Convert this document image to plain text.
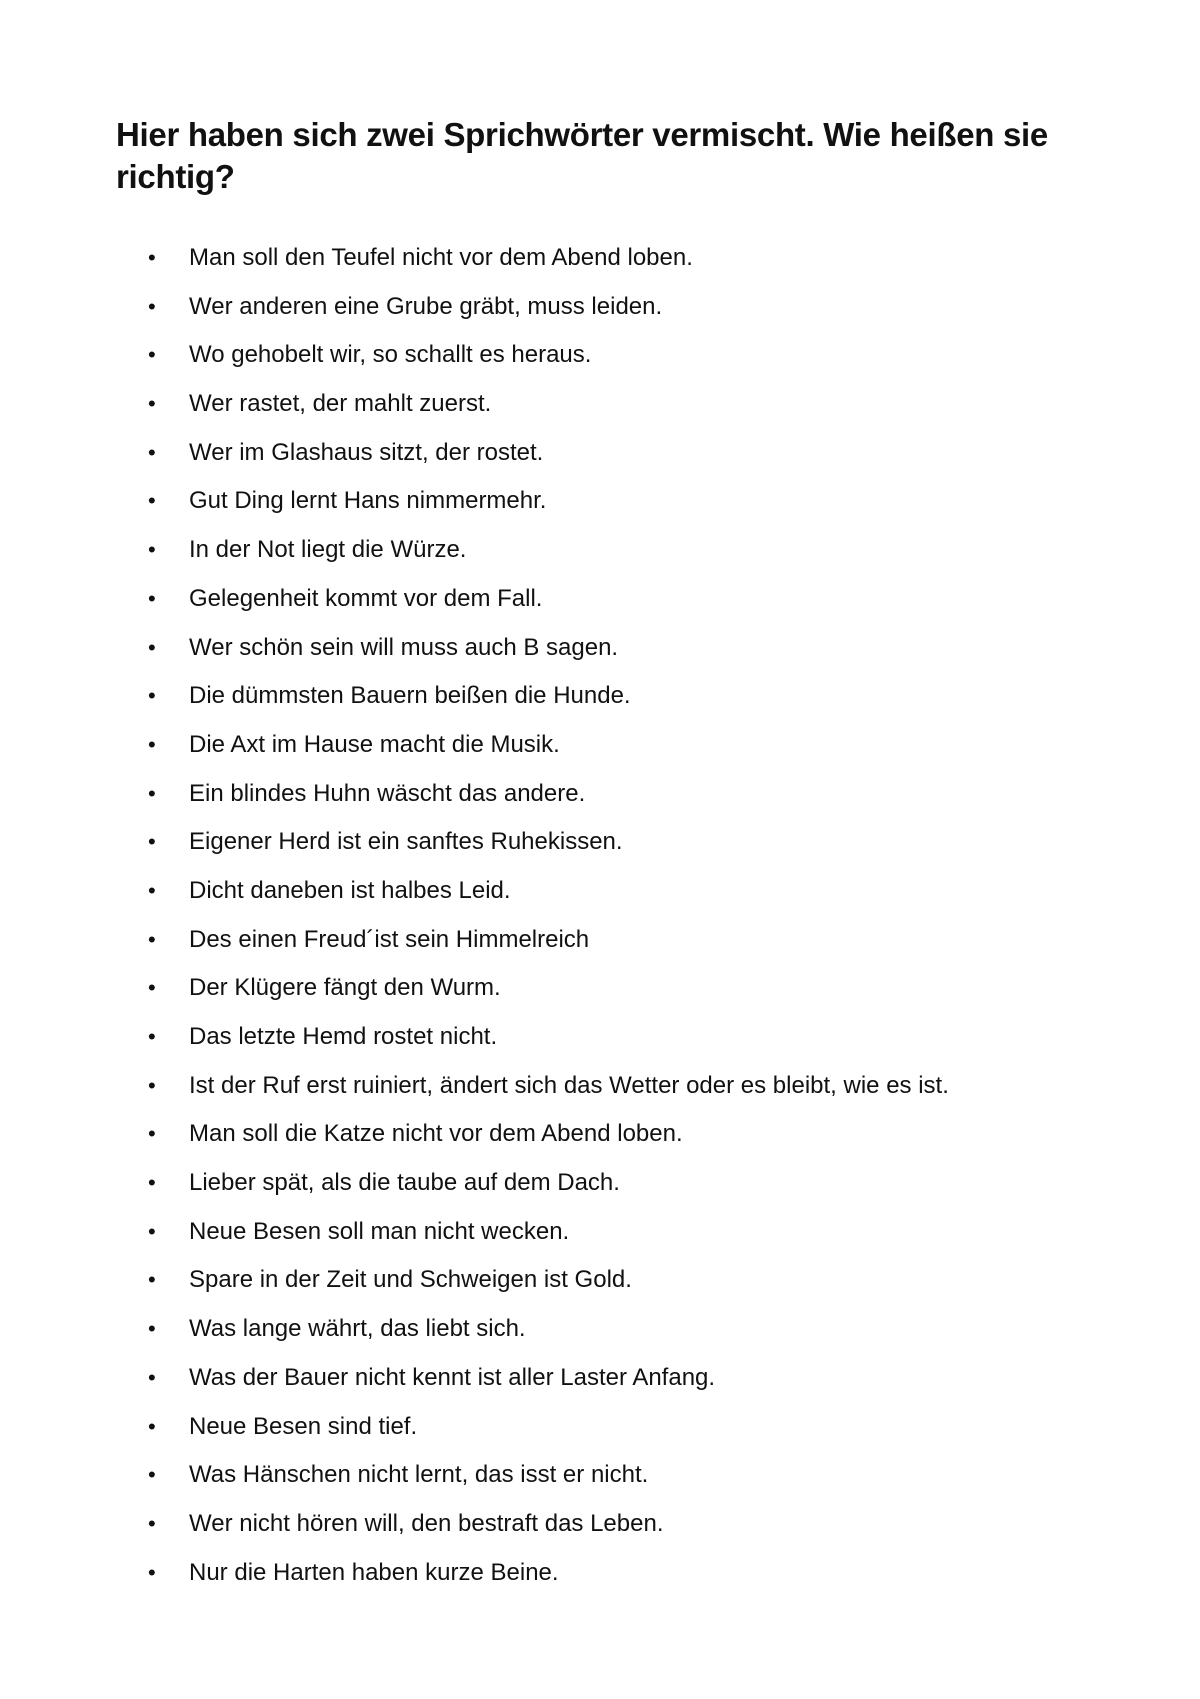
Hier haben sich zwei Sprichwörter vermischt. Wie heißen sie richtig?
• Man soll den Teufel nicht vor dem Abend loben.
• Wer anderen eine Grube gräbt, muss leiden.
• Wo gehobelt wir, so schallt es heraus.
• Wer rastet, der mahlt zuerst.
• Wer im Glashaus sitzt, der rostet.
• Gut Ding lernt Hans nimmermehr.
• In der Not liegt die Würze.
• Gelegenheit kommt vor dem Fall.
• Wer schön sein will muss auch B sagen.
• Die dümmsten Bauern beißen die Hunde.
• Die Axt im Hause macht die Musik.
• Ein blindes Huhn wäscht das andere.
• Eigener Herd ist ein sanftes Ruhekissen.
• Dicht daneben ist halbes Leid.
• Des einen Freud´ist sein Himmelreich
• Der Klügere fängt den Wurm.
• Das letzte Hemd rostet nicht.
• Ist der Ruf erst ruiniert, ändert sich das Wetter oder es bleibt, wie es ist.
• Man soll die Katze nicht vor dem Abend loben.
• Lieber spät, als die taube auf dem Dach.
• Neue Besen soll man nicht wecken.
• Spare in der Zeit und Schweigen ist Gold.
• Was lange währt, das liebt sich.
• Was der Bauer nicht kennt ist aller Laster Anfang.
• Neue Besen sind tief.
• Was Hänschen nicht lernt, das isst er nicht.
• Wer nicht hören will, den bestraft das Leben.
• Nur die Harten haben kurze Beine.
